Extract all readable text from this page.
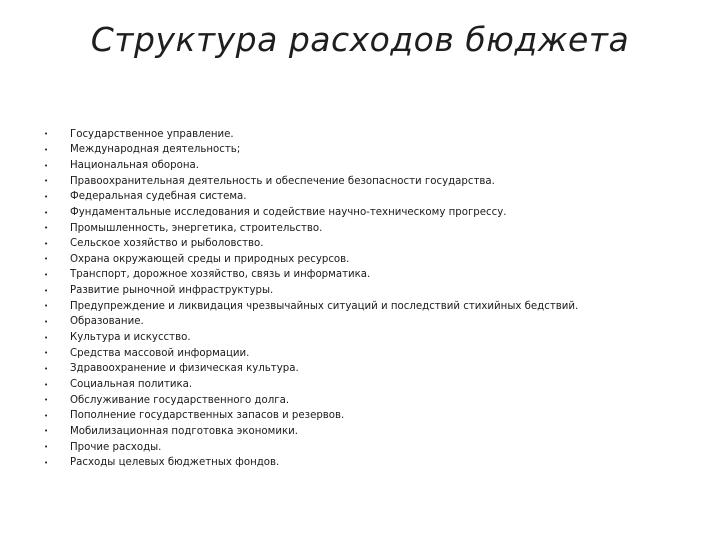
Структура расходов бюджета
•	Государственное управление.
•	Международная деятельность;
•	Национальная оборона.
•	Правоохранительная деятельность и обеспечение безопасности государства.
•	Федеральная судебная система.
•	Фундаментальные исследования и содействие научно-техническому прогрессу.
•	Промышленность, энергетика, строительство.
•	Сельское хозяйство и рыболовство.
•	Охрана окружающей среды и природных ресурсов.
•	Транспорт, дорожное хозяйство, связь и информатика.
•	Развитие рыночной инфраструктуры.
•	Предупреждение и ликвидация чрезвычайных ситуаций и последствий стихийных бедствий.
•	Образование.
•	Культура и искусство.
•	Средства массовой информации.
•	Здравоохранение и физическая культура.
•	Социальная политика.
•	Обслуживание государственного долга.
•	Пополнение государственных запасов и резервов.
•	Мобилизационная подготовка экономики.
•	Прочие расходы.
•	Расходы целевых бюджетных фондов.
